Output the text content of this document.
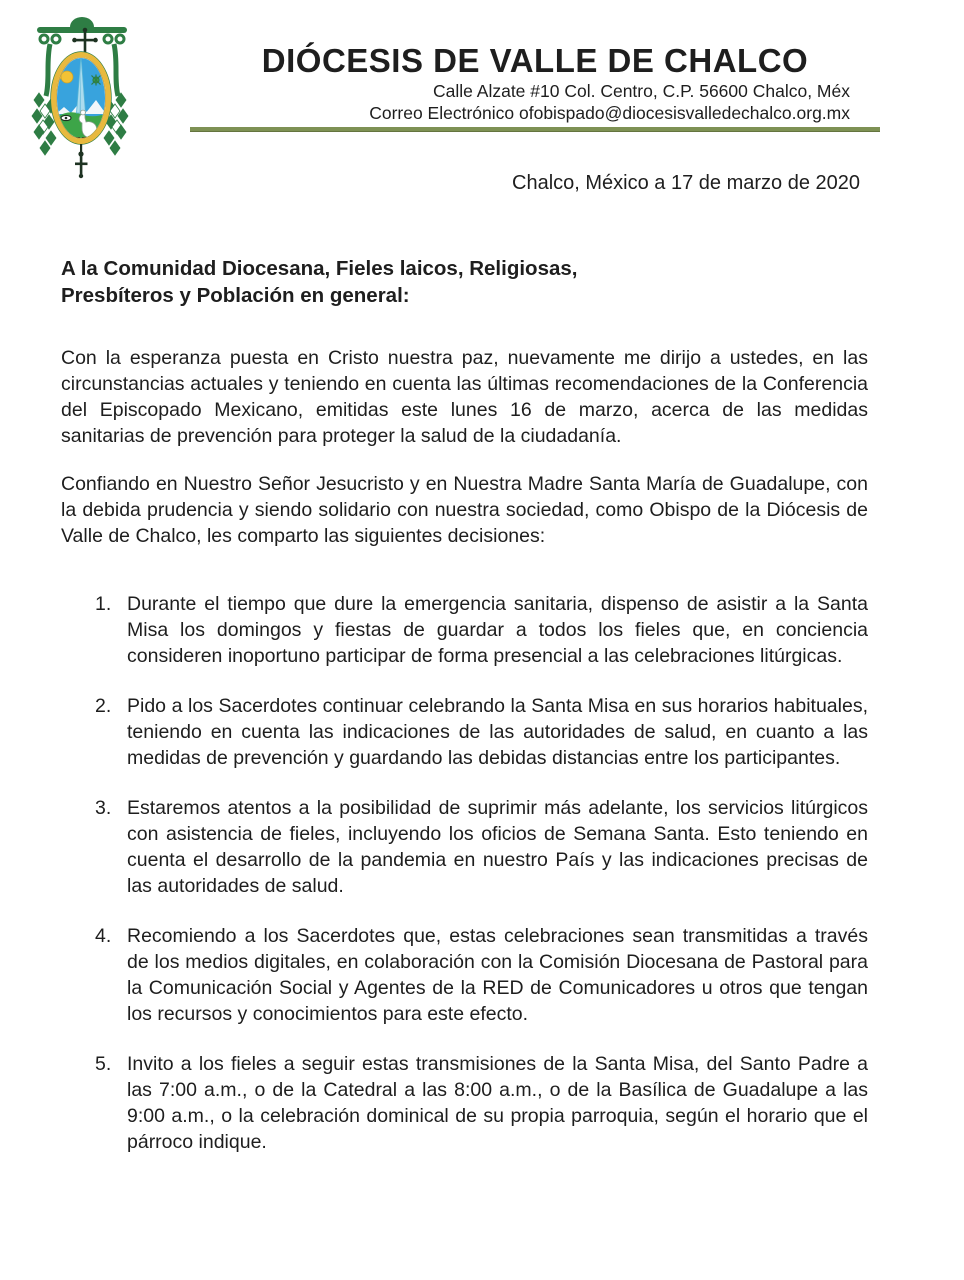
DIÓCESIS DE VALLE DE CHALCO
Calle Alzate #10 Col. Centro, C.P. 56600 Chalco, Méx
Correo Electrónico ofobispado@diocesisvalledechalco.org.mx
Chalco, México a 17 de marzo de 2020
A la Comunidad Diocesana, Fieles laicos, Religiosas,
Presbíteros y Población en general:
Con la esperanza puesta en Cristo nuestra paz, nuevamente me dirijo a ustedes, en las circunstancias actuales y teniendo en cuenta las últimas recomendaciones de la Conferencia del Episcopado Mexicano, emitidas este lunes 16 de marzo, acerca de las medidas sanitarias de prevención para proteger la salud de la ciudadanía.
Confiando en Nuestro Señor Jesucristo y en Nuestra Madre Santa María de Guadalupe, con la debida prudencia y siendo solidario con nuestra sociedad, como Obispo de la Diócesis de Valle de Chalco, les comparto las siguientes decisiones:
1. Durante el tiempo que dure la emergencia sanitaria, dispenso de asistir a la Santa Misa los domingos y fiestas de guardar a todos los fieles que, en conciencia consideren inoportuno participar de forma presencial a las celebraciones litúrgicas.
2. Pido a los Sacerdotes continuar celebrando la Santa Misa en sus horarios habituales, teniendo en cuenta las indicaciones de las autoridades de salud, en cuanto a las medidas de prevención y guardando las debidas distancias entre los participantes.
3. Estaremos atentos a la posibilidad de suprimir más adelante, los servicios litúrgicos con asistencia de fieles, incluyendo los oficios de Semana Santa. Esto teniendo en cuenta el desarrollo de la pandemia en nuestro País y las indicaciones precisas de las autoridades de salud.
4. Recomiendo a los Sacerdotes que, estas celebraciones sean transmitidas a través de los medios digitales, en colaboración con la Comisión Diocesana de Pastoral para la Comunicación Social y Agentes de la RED de Comunicadores u otros que tengan los recursos y conocimientos para este efecto.
5. Invito a los fieles a seguir estas transmisiones de la Santa Misa, del Santo Padre a las 7:00 a.m., o de la Catedral a las 8:00 a.m., o de la Basílica de Guadalupe a las 9:00 a.m., o la celebración dominical de su propia parroquia, según el horario que el párroco indique.
